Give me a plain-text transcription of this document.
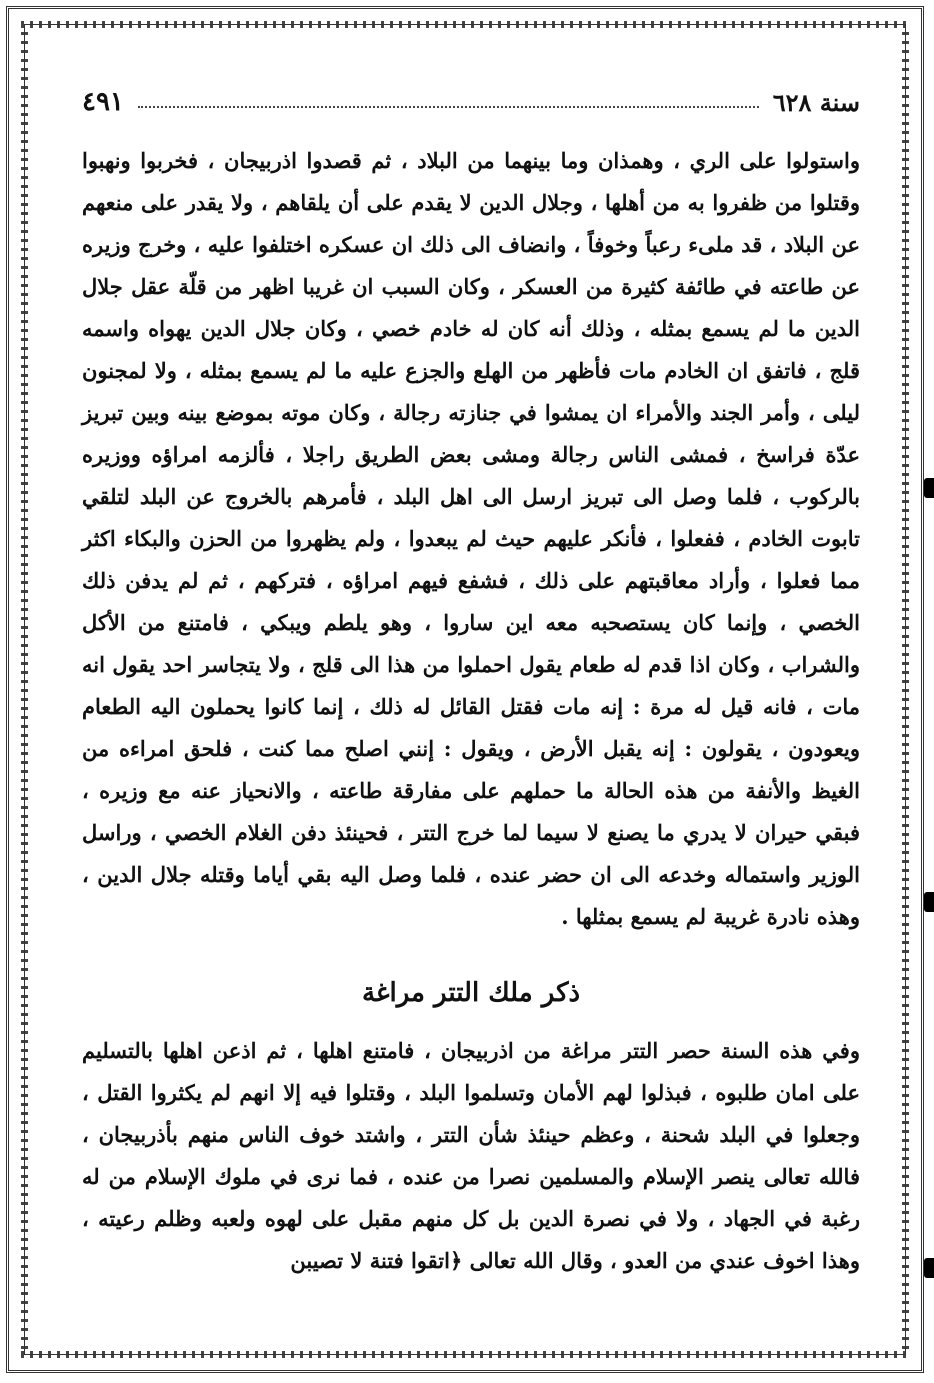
٤٩١	سنة ٦٢٨

واستولوا على الري ، وهمذان وما بينهما من البلاد ، ثم قصدوا اذربيجان ، فخربوا ونهبوا وقتلوا من ظفروا به من أهلها ، وجلال الدين لا يقدم على أن يلقاهم ، ولا يقدر على منعهم عن البلاد ، قد ملىء رعباً وخوفاً ، وانضاف الى ذلك ان عسكره اختلفوا عليه ، وخرج وزيره عن طاعته في طائفة كثيرة من العسكر ، وكان السبب ان غريبا اظهر من قلّة عقل جلال الدين ما لم يسمع بمثله ، وذلك أنه كان له خادم خصي ، وكان جلال الدين يهواه واسمه قلج ، فاتفق ان الخادم مات فأظهر من الهلع والجزع عليه ما لم يسمع بمثله ، ولا لمجنون ليلى ، وأمر الجند والأمراء ان يمشوا في جنازته رجالة ، وكان موته بموضع بينه وبين تبريز عدّة فراسخ ، فمشى الناس رجالة ومشى بعض الطريق راجلا ، فألزمه امراؤه ووزيره بالركوب ، فلما وصل الى تبريز ارسل الى اهل البلد ، فأمرهم بالخروج عن البلد لتلقي تابوت الخادم ، ففعلوا ، فأنكر عليهم حيث لم يبعدوا ، ولم يظهروا من الحزن والبكاء اكثر مما فعلوا ، وأراد معاقبتهم على ذلك ، فشفع فيهم امراؤه ، فتركهم ، ثم لم يدفن ذلك الخصي ، وإنما كان يستصحبه معه اين ساروا ، وهو يلطم ويبكي ، فامتنع من الأكل والشراب ، وكان اذا قدم له طعام يقول احملوا من هذا الى قلج ، ولا يتجاسر احد يقول انه مات ، فانه قيل له مرة : إنه مات فقتل القائل له ذلك ، إنما كانوا يحملون اليه الطعام ويعودون ، يقولون : إنه يقبل الأرض ، ويقول : إنني اصلح مما كنت ، فلحق امراءه من الغيظ والأنفة من هذه الحالة ما حملهم على مفارقة طاعته ، والانحياز عنه مع وزيره ، فبقي حيران لا يدري ما يصنع لا سيما لما خرج التتر ، فحينئذ دفن الغلام الخصي ، وراسل الوزير واستماله وخدعه الى ان حضر عنده ، فلما وصل اليه بقي أياما وقتله جلال الدين ، وهذه نادرة غريبة لم يسمع بمثلها .

ذكر ملك التتر مراغة

وفي هذه السنة حصر التتر مراغة من اذربيجان ، فامتنع اهلها ، ثم اذعن اهلها بالتسليم على امان طلبوه ، فبذلوا لهم الأمان وتسلموا البلد ، وقتلوا فيه إلا انهم لم يكثروا القتل ، وجعلوا في البلد شحنة ، وعظم حينئذ شأن التتر ، واشتد خوف الناس منهم بأذربيجان ، فالله تعالى ينصر الإسلام والمسلمين نصرا من عنده ، فما نرى في ملوك الإسلام من له رغبة في الجهاد ، ولا في نصرة الدين بل كل منهم مقبل على لهوه ولعبه وظلم رعيته ، وهذا اخوف عندي من العدو ، وقال الله تعالى ﴿اتقوا فتنة لا تصيبن
